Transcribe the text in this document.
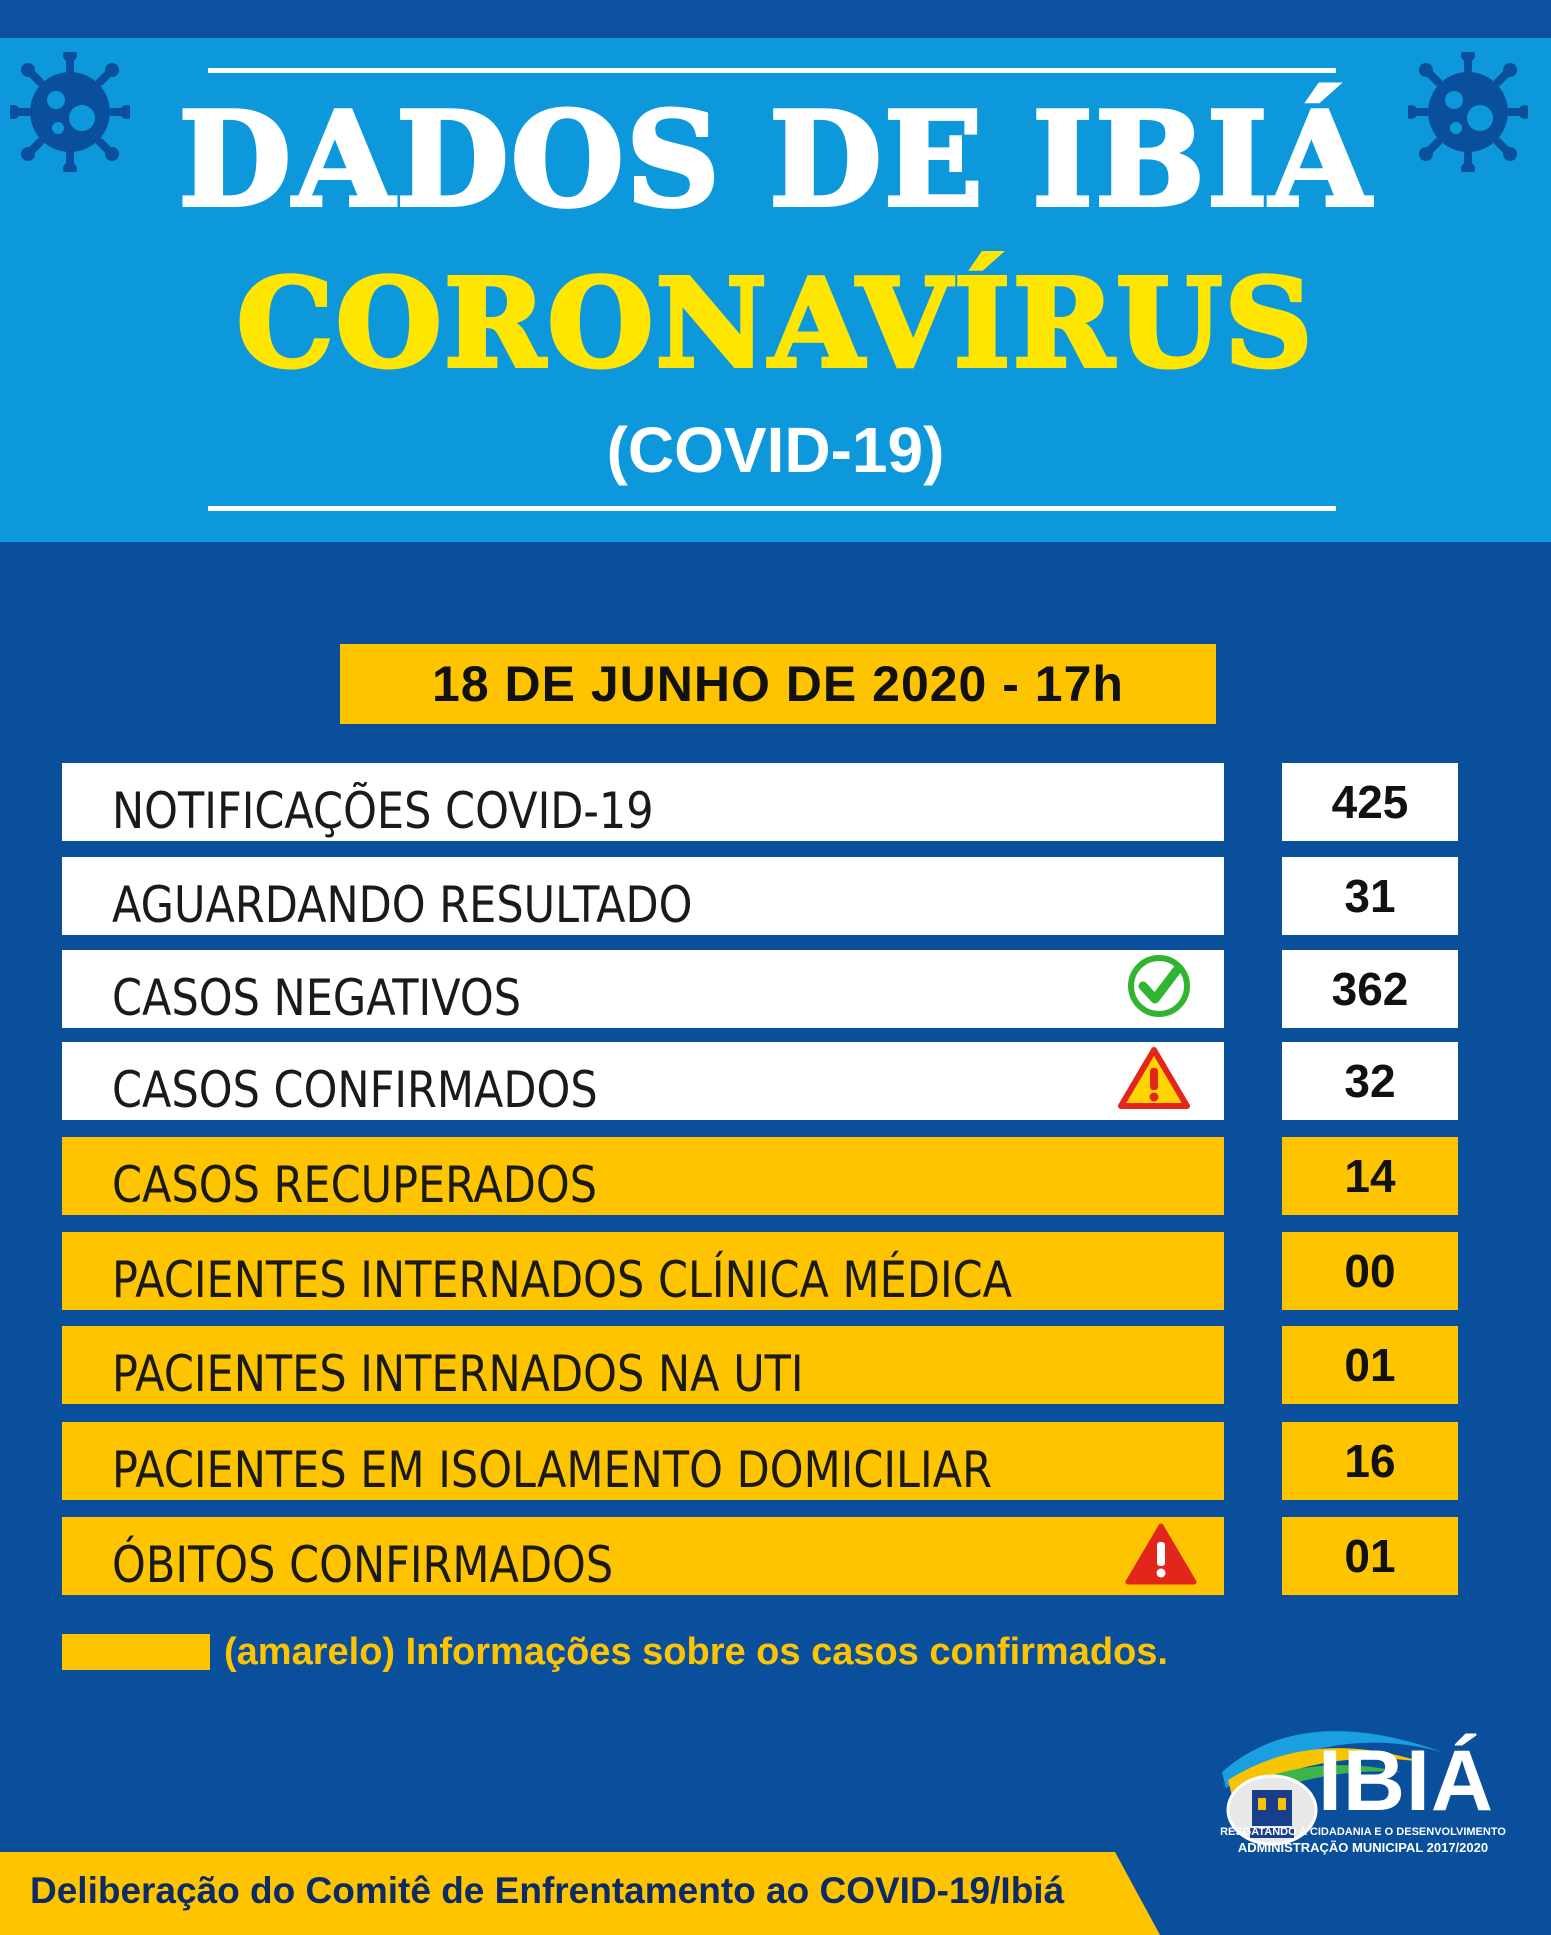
DADOS DE IBIÁ
CORONAVÍRUS
(COVID-19)
18 DE JUNHO DE 2020 - 17h
NOTIFICAÇÕES COVID-19	425
AGUARDANDO RESULTADO	31
CASOS NEGATIVOS	362
CASOS CONFIRMADOS	32
CASOS RECUPERADOS	14
PACIENTES INTERNADOS CLÍNICA MÉDICA	00
PACIENTES INTERNADOS NA UTI	01
PACIENTES EM ISOLAMENTO DOMICILIAR	16
ÓBITOS CONFIRMADOS	01
(amarelo) Informações sobre os casos confirmados.
IBIÁ
RESGATANDO A CIDADANIA E O DESENVOLVIMENTO
ADMINISTRAÇÃO MUNICIPAL 2017/2020
Deliberação do Comitê de Enfrentamento ao COVID-19/Ibiá
